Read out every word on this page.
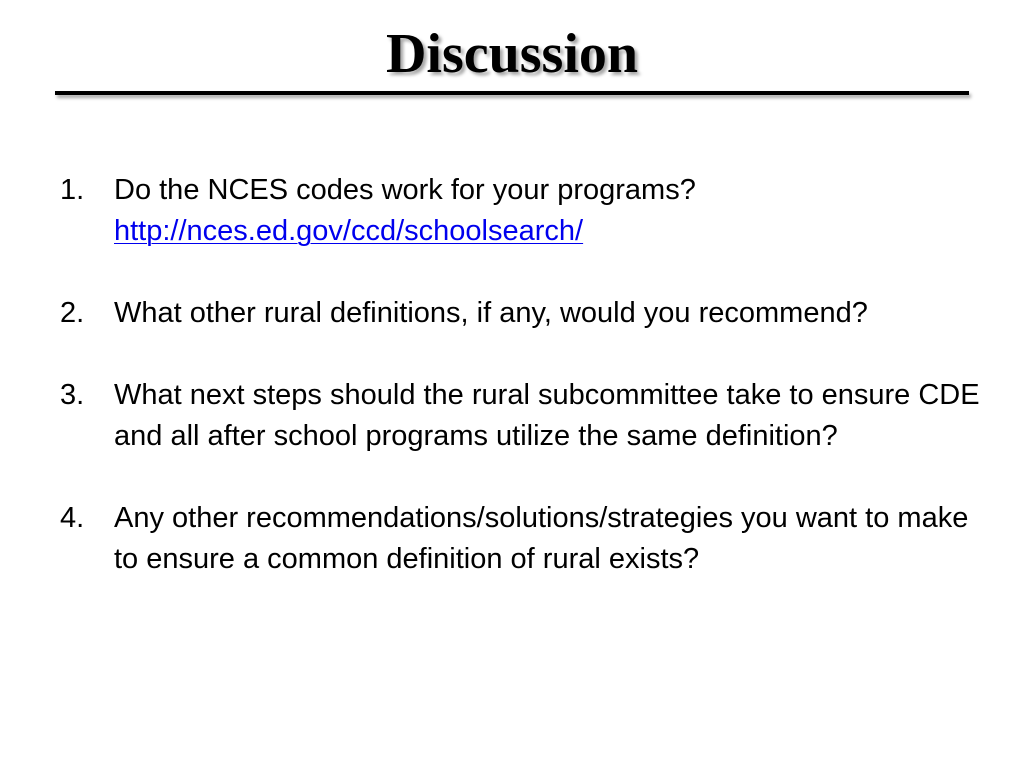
Discussion
1.	Do the NCES codes work for your programs?
http://nces.ed.gov/ccd/schoolsearch/
2.	What other rural definitions, if any, would you recommend?
3.	What next steps should the rural subcommittee take to ensure CDE and all after school programs utilize the same definition?
4.	Any other recommendations/solutions/strategies you want to make to ensure a common definition of rural exists?
